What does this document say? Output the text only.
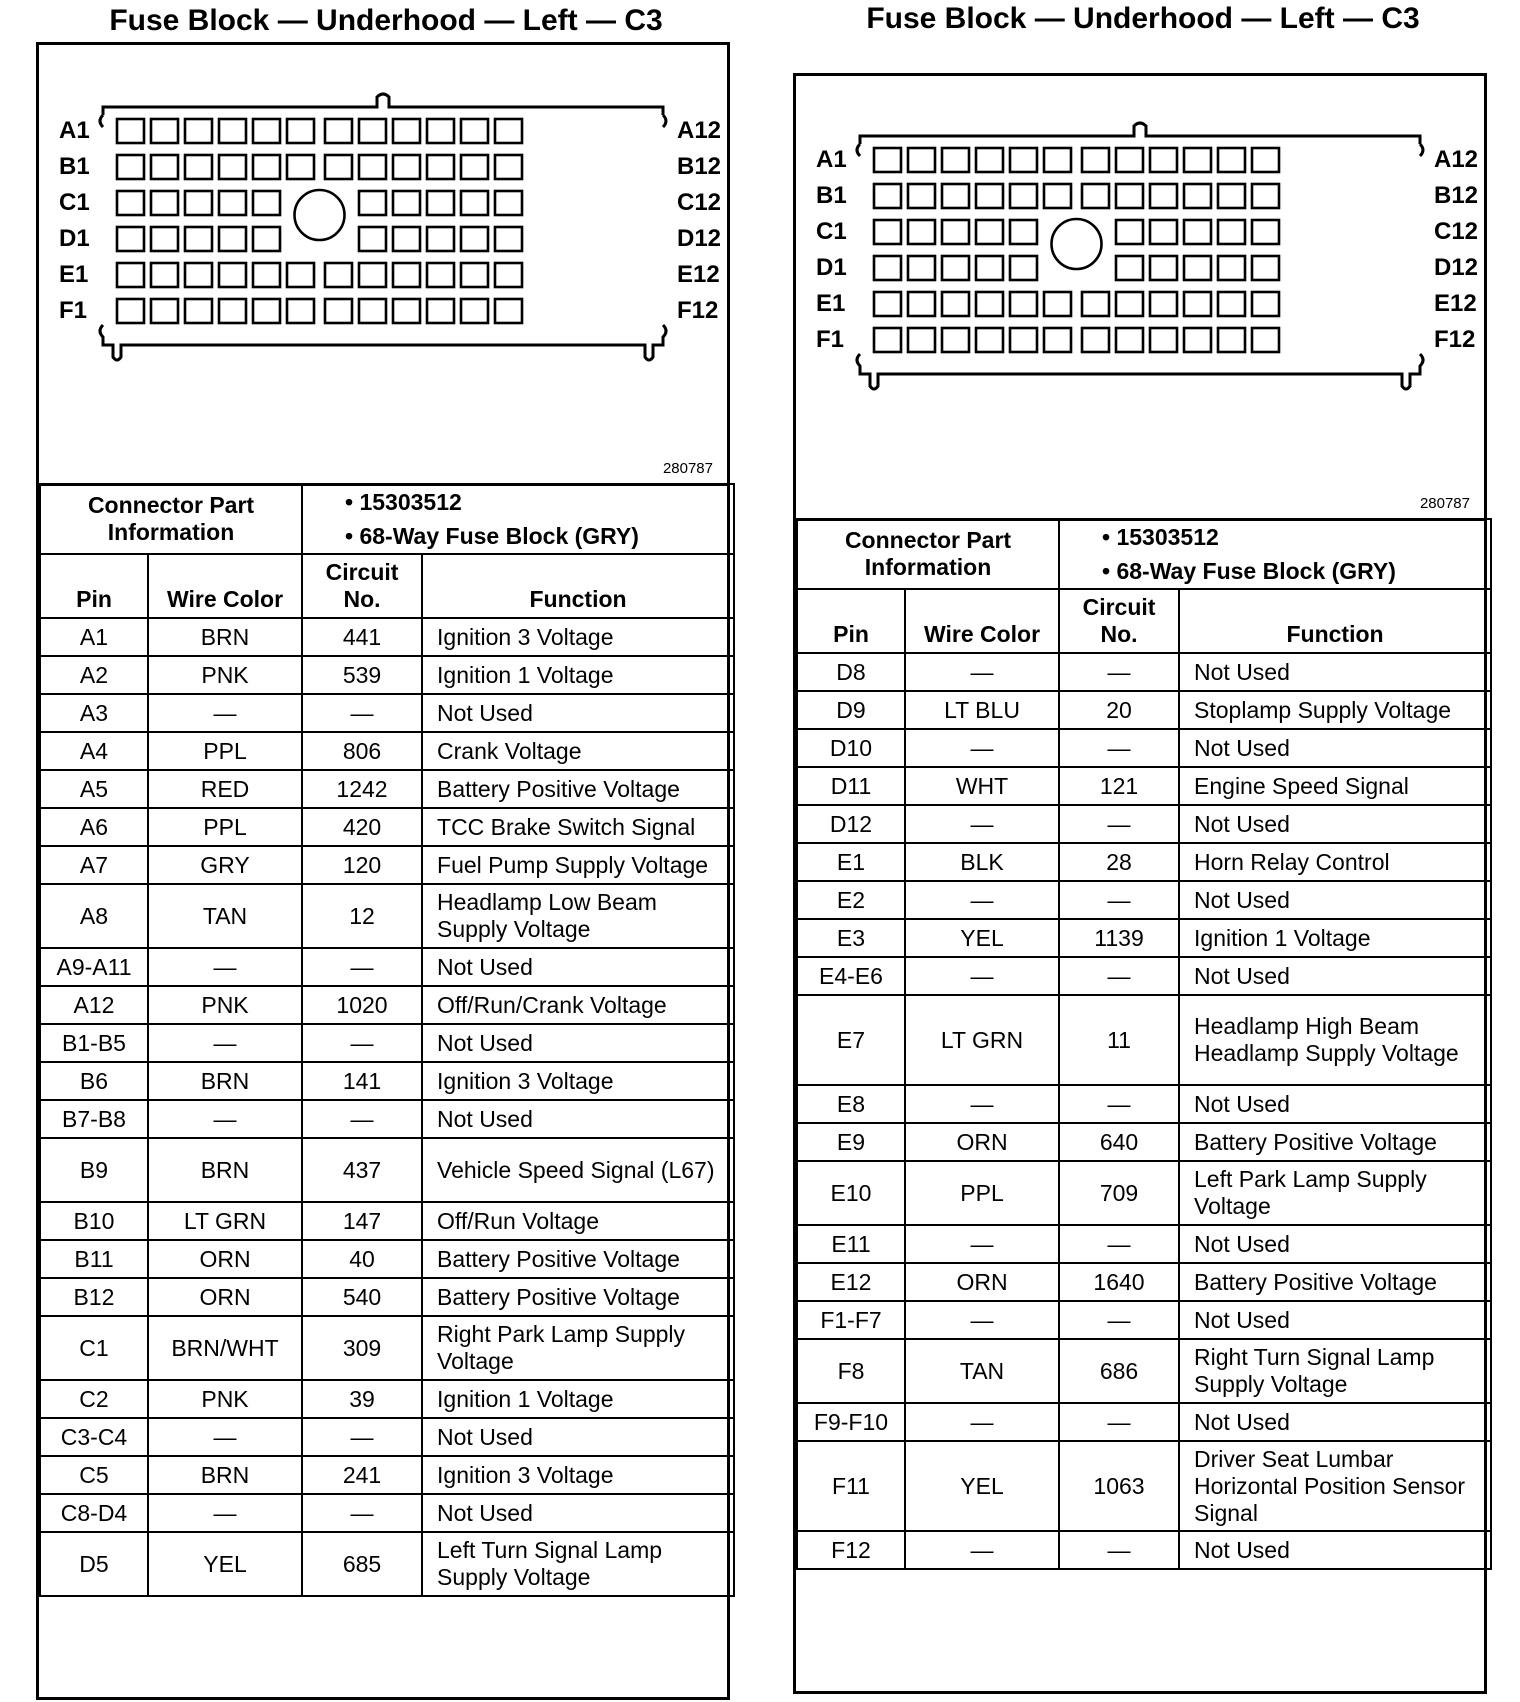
Fuse Block — Underhood — Left — C3
A1
B1
C1
D1
E1
F1
A12
B12
C12
D12
E12
F12
280787
Connector Part Information		• 15303512
• 68-Way Fuse Block (GRY)	

Pin	Wire Color	Circuit No.	Function
A1	BRN	441	Ignition 3 Voltage
A2	PNK	539	Ignition 1 Voltage
A3	—	—	Not Used
A4	PPL	806	Crank Voltage
A5	RED	1242	Battery Positive Voltage
A6	PPL	420	TCC Brake Switch Signal
A7	GRY	120	Fuel Pump Supply Voltage
A8	TAN	12	Headlamp Low Beam Supply Voltage
A9-A11	—	—	Not Used
A12	PNK	1020	Off/Run/Crank Voltage
B1-B5	—	—	Not Used
B6	BRN	141	Ignition 3 Voltage
B7-B8	—	—	Not Used
B9	BRN	437	Vehicle Speed Signal (L67)
B10	LT GRN	147	Off/Run Voltage
B11	ORN	40	Battery Positive Voltage
B12	ORN	540	Battery Positive Voltage
C1	BRN/WHT	309	Right Park Lamp Supply Voltage
C2	PNK	39	Ignition 1 Voltage
C3-C4	—	—	Not Used
C5	BRN	241	Ignition 3 Voltage
C8-D4	—	—	Not Used
D5	YEL	685	Left Turn Signal Lamp Supply Voltage
Fuse Block — Underhood — Left — C3
A1
B1
C1
D1
E1
F1
A12
B12
C12
D12
E12
F12
280787
Connector Part Information		• 15303512
• 68-Way Fuse Block (GRY)	

Pin	Wire Color	Circuit No.	Function
D8	—	—	Not Used
D9	LT BLU	20	Stoplamp Supply Voltage
D10	—	—	Not Used
D11	WHT	121	Engine Speed Signal
D12	—	—	Not Used
E1	BLK	28	Horn Relay Control
E2	—	—	Not Used
E3	YEL	1139	Ignition 1 Voltage
E4-E6	—	—	Not Used
E7	LT GRN	11	Headlamp High Beam Headlamp Supply Voltage
E8	—	—	Not Used
E9	ORN	640	Battery Positive Voltage
E10	PPL	709	Left Park Lamp Supply Voltage
E11	—	—	Not Used
E12	ORN	1640	Battery Positive Voltage
F1-F7	—	—	Not Used
F8	TAN	686	Right Turn Signal Lamp Supply Voltage
F9-F10	—	—	Not Used
F11	YEL	1063	Driver Seat Lumbar Horizontal Position Sensor Signal
F12	—	—	Not Used
